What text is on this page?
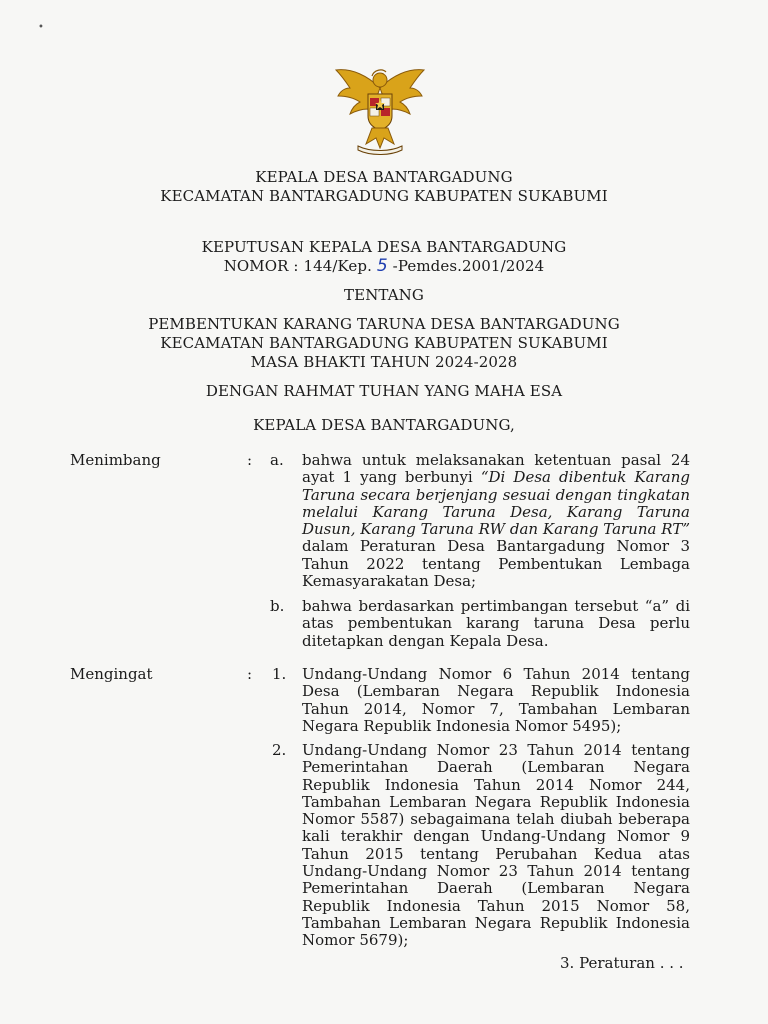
•
KEPALA DESA BANTARGADUNG
KECAMATAN BANTARGADUNG KABUPATEN SUKABUMI
KEPUTUSAN KEPALA DESA BANTARGADUNG
NOMOR : 144/Kep. 5 -Pemdes.2001/2024
TENTANG
PEMBENTUKAN KARANG TARUNA DESA BANTARGADUNG
KECAMATAN BANTARGADUNG KABUPATEN SUKABUMI
MASA BHAKTI TAHUN 2024-2028
DENGAN RAHMAT TUHAN YANG MAHA ESA
KEPALA DESA BANTARGADUNG,
Menimbang	: a. bahwa untuk melaksanakan ketentuan pasal 24 ayat 1 yang berbunyi “Di Desa dibentuk Karang Taruna secara berjenjang sesuai dengan tingkatan melalui Karang Taruna Desa, Karang Taruna Dusun, Karang Taruna RW dan Karang Taruna RT” dalam Peraturan Desa Bantargadung Nomor 3 Tahun 2022 tentang Pembentukan Lembaga Kemasyarakatan Desa;

b. bahwa berdasarkan pertimbangan tersebut “a” di atas pembentukan karang taruna Desa perlu ditetapkan dengan Kepala Desa.

Mengingat	: 1. Undang-Undang Nomor 6 Tahun 2014 tentang Desa (Lembaran Negara Republik Indonesia Tahun 2014, Nomor 7, Tambahan Lembaran Negara Republik Indonesia Nomor 5495);

2. Undang-Undang Nomor 23 Tahun 2014 tentang Pemerintahan Daerah (Lembaran Negara Republik Indonesia Tahun 2014 Nomor 244, Tambahan Lembaran Negara Republik Indonesia Nomor 5587) sebagaimana telah diubah beberapa kali terakhir dengan Undang-Undang Nomor 9 Tahun 2015 tentang Perubahan Kedua atas Undang-Undang Nomor 23 Tahun 2014 tentang Pemerintahan Daerah (Lembaran Negara Republik Indonesia Tahun 2015 Nomor 58, Tambahan Lembaran Negara Republik Indonesia Nomor 5679);

3. Peraturan . . .
